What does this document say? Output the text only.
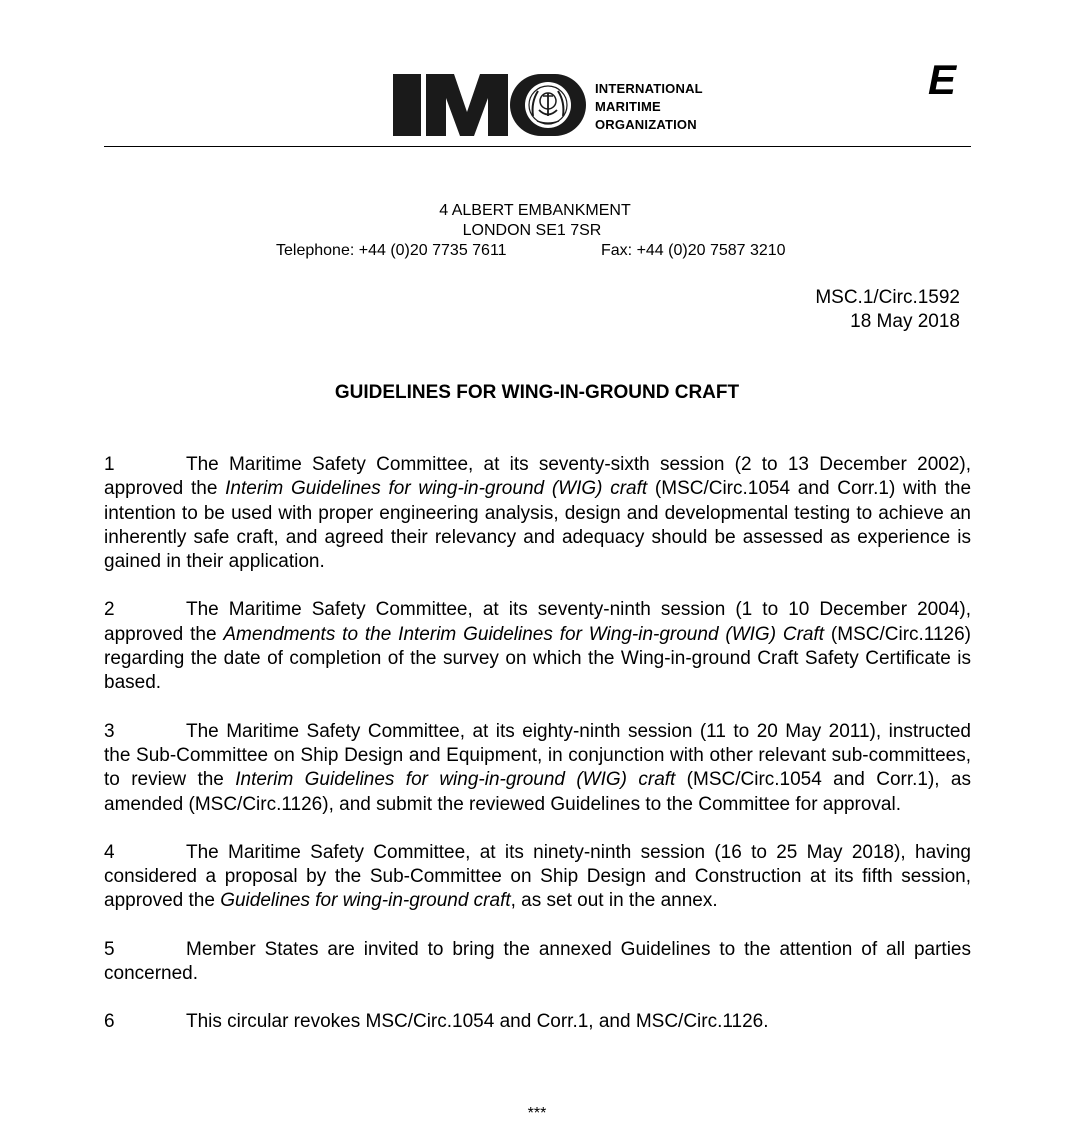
INTERNATIONAL
MARITIME
ORGANIZATION
E
4 ALBERT EMBANKMENT
LONDON SE1 7SR
Telephone: +44 (0)20 7735 7611	Fax: +44 (0)20 7587 3210
MSC.1/Circ.1592
18 May 2018
GUIDELINES FOR WING-IN-GROUND CRAFT

1	The Maritime Safety Committee, at its seventy-sixth session (2 to 13 December 2002), approved the Interim Guidelines for wing-in-ground (WIG) craft (MSC/Circ.1054 and Corr.1) with the intention to be used with proper engineering analysis, design and developmental testing to achieve an inherently safe craft, and agreed their relevancy and adequacy should be assessed as experience is gained in their application.

2	The Maritime Safety Committee, at its seventy-ninth session (1 to 10 December 2004), approved the Amendments to the Interim Guidelines for Wing-in-ground (WIG) Craft (MSC/Circ.1126) regarding the date of completion of the survey on which the Wing-in-ground Craft Safety Certificate is based.

3	The Maritime Safety Committee, at its eighty-ninth session (11 to 20 May 2011), instructed the Sub-Committee on Ship Design and Equipment, in conjunction with other relevant sub-committees, to review the Interim Guidelines for wing-in-ground (WIG) craft (MSC/Circ.1054 and Corr.1), as amended (MSC/Circ.1126), and submit the reviewed Guidelines to the Committee for approval.

4	The Maritime Safety Committee, at its ninety-ninth session (16 to 25 May 2018), having considered a proposal by the Sub-Committee on Ship Design and Construction at its fifth session, approved the Guidelines for wing-in-ground craft, as set out in the annex.

5	Member States are invited to bring the annexed Guidelines to the attention of all parties concerned.

6	This circular revokes MSC/Circ.1054 and Corr.1, and MSC/Circ.1126.

***
